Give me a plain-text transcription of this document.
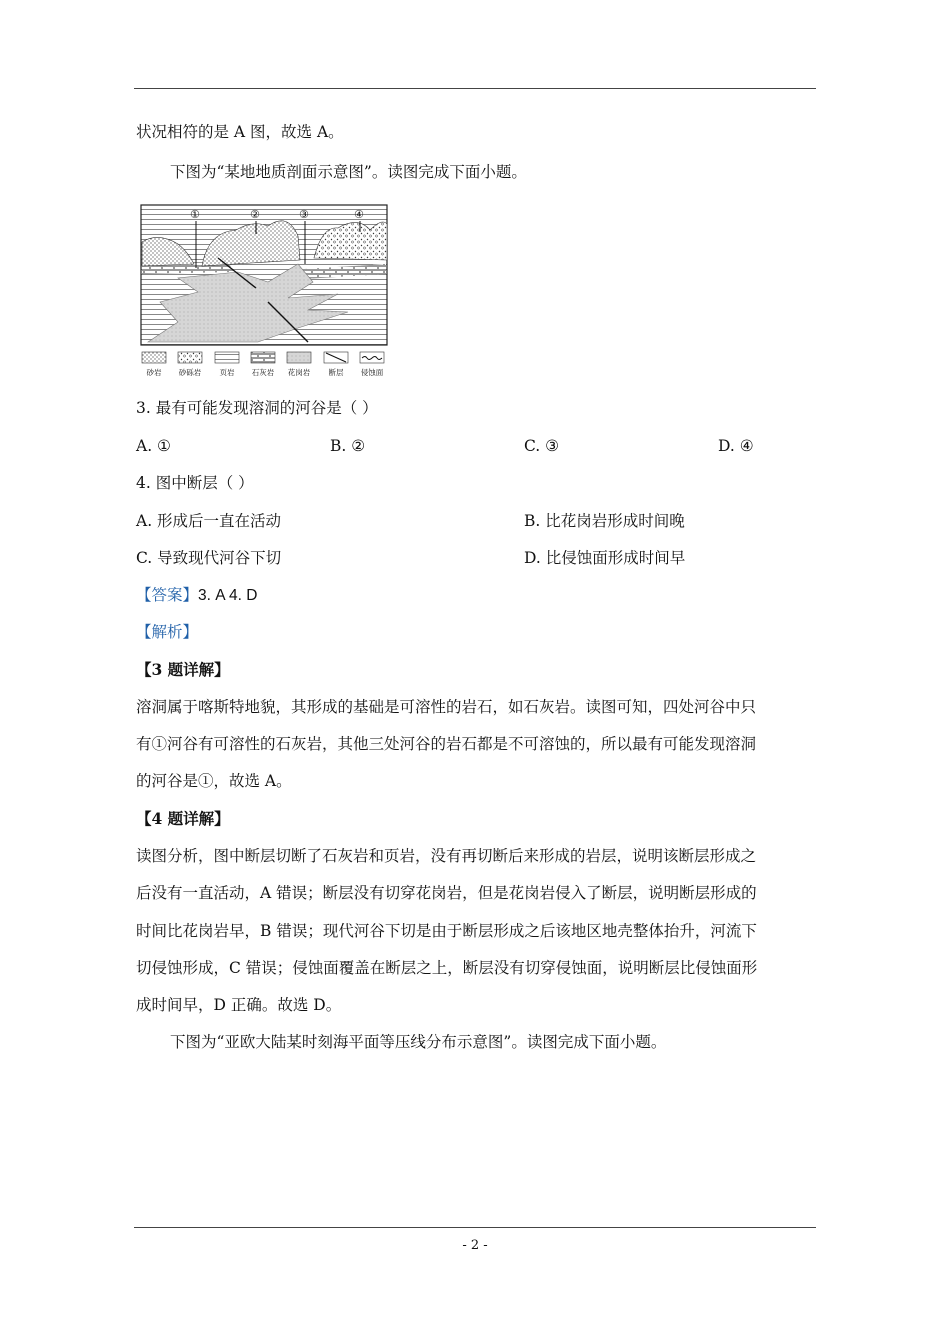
状况相符的是 A 图，故选 A。
下图为“某地地质剖面示意图”。读图完成下面小题。
①	②	③	④
砂岩 砂砾岩 页岩 石灰岩 花岗岩 断层 侵蚀面
3. 最有可能发现溶洞的河谷是（ ）
A. ①	B. ②	C. ③	D. ④
4. 图中断层（ ）
A. 形成后一直在活动	B. 比花岗岩形成时间晚
C. 导致现代河谷下切	D. 比侵蚀面形成时间早
【答案】3. A 4. D
【解析】
【3 题详解】
溶洞属于喀斯特地貌，其形成的基础是可溶性的岩石，如石灰岩。读图可知，四处河谷中只
有①河谷有可溶性的石灰岩，其他三处河谷的岩石都是不可溶蚀的，所以最有可能发现溶洞
的河谷是①，故选 A。
【4 题详解】
读图分析，图中断层切断了石灰岩和页岩，没有再切断后来形成的岩层，说明该断层形成之
后没有一直活动，A 错误；断层没有切穿花岗岩，但是花岗岩侵入了断层，说明断层形成的
时间比花岗岩早，B 错误；现代河谷下切是由于断层形成之后该地区地壳整体抬升，河流下
切侵蚀形成，C 错误；侵蚀面覆盖在断层之上，断层没有切穿侵蚀面，说明断层比侵蚀面形
成时间早，D 正确。故选 D。
下图为“亚欧大陆某时刻海平面等压线分布示意图”。读图完成下面小题。
- 2 -
